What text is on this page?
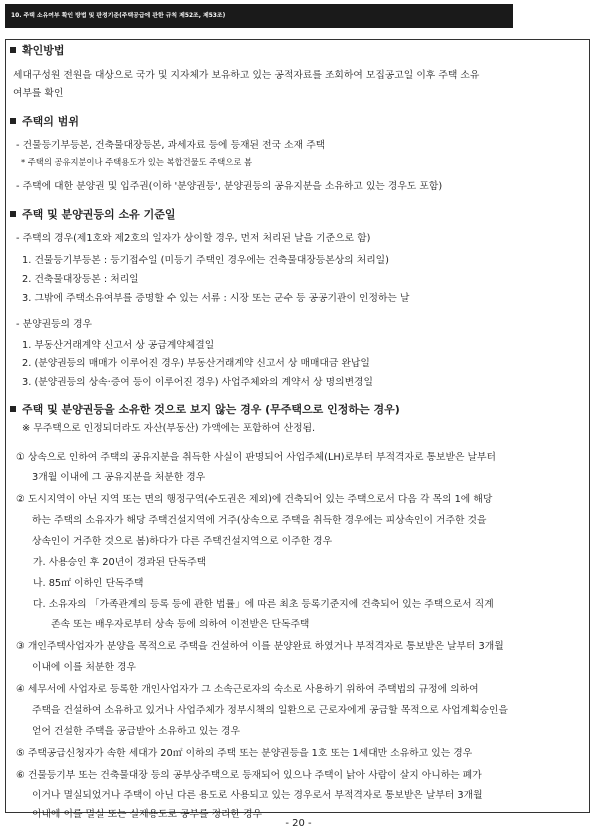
10. 주택 소유여부 확인 방법 및 판정기준(주택공급에 관한 규칙 제52조, 제53조)
확인방법
세대구성원 전원을 대상으로 국가 및 지자체가 보유하고 있는 공적자료를 조회하여 모집공고일 이후 주택 소유
여부를 확인
주택의 범위
- 건물등기부등본, 건축물대장등본, 과세자료 등에 등재된 전국 소재 주택
* 주택의 공유지분이나 주택용도가 있는 복합건물도 주택으로 봄
- 주택에 대한 분양권 및 입주권(이하 '분양권등', 분양권등의 공유지분을 소유하고 있는 경우도 포함)
주택 및 분양권등의 소유 기준일
- 주택의 경우(제1호와 제2호의 일자가 상이할 경우, 먼저 처리된 날을 기준으로 함)
1. 건물등기부등본 : 등기접수일 (미등기 주택인 경우에는 건축물대장등본상의 처리일)
2. 건축물대장등본 : 처리일
3. 그밖에 주택소유여부를 증명할 수 있는 서류 : 시장 또는 군수 등 공공기관이 인정하는 날
- 분양권등의 경우
1. 부동산거래계약 신고서 상 공급계약체결일
2. (분양권등의 매매가 이루어진 경우) 부동산거래계약 신고서 상 매매대금 완납일
3. (분양권등의 상속·증여 등이 이루어진 경우) 사업주체와의 계약서 상 명의변경일
주택 및 분양권등을 소유한 것으로 보지 않는 경우 (무주택으로 인정하는 경우)
※ 무주택으로 인정되더라도 자산(부동산) 가액에는 포함하여 산정됨.
① 상속으로 인하여 주택의 공유지분을 취득한 사실이 판명되어 사업주체(LH)로부터 부적격자로 통보받은 날부터
3개월 이내에 그 공유지분을 처분한 경우
② 도시지역이 아닌 지역 또는 면의 행정구역(수도권은 제외)에 건축되어 있는 주택으로서 다음 각 목의 1에 해당
하는 주택의 소유자가 해당 주택건설지역에 거주(상속으로 주택을 취득한 경우에는 피상속인이 거주한 것을
상속인이 거주한 것으로 봄)하다가 다른 주택건설지역으로 이주한 경우
가. 사용승인 후 20년이 경과된 단독주택
나. 85㎡ 이하인 단독주택
다. 소유자의 「가족관계의 등록 등에 관한 법률」에 따른 최초 등록기준지에 건축되어 있는 주택으로서 직계
존속 또는 배우자로부터 상속 등에 의하여 이전받은 단독주택
③ 개인주택사업자가 분양을 목적으로 주택을 건설하여 이를 분양완료 하였거나 부적격자로 통보받은 날부터 3개월
이내에 이를 처분한 경우
④ 세무서에 사업자로 등록한 개인사업자가 그 소속근로자의 숙소로 사용하기 위하여 주택법의 규정에 의하여
주택을 건설하여 소유하고 있거나 사업주체가 정부시책의 일환으로 근로자에게 공급할 목적으로 사업계획승인을
얻어 건설한 주택을 공급받아 소유하고 있는 경우
⑤ 주택공급신청자가 속한 세대가 20㎡ 이하의 주택 또는 분양권등을 1호 또는 1세대만 소유하고 있는 경우
⑥ 건물등기부 또는 건축물대장 등의 공부상주택으로 등재되어 있으나 주택이 낡아 사람이 살지 아니하는 폐가
이거나 멸실되었거나 주택이 아닌 다른 용도로 사용되고 있는 경우로서 부적격자로 통보받은 날부터 3개월
이내에 이를 멸실 또는 실제용도로 공부를 정리한 경우
- 20 -
